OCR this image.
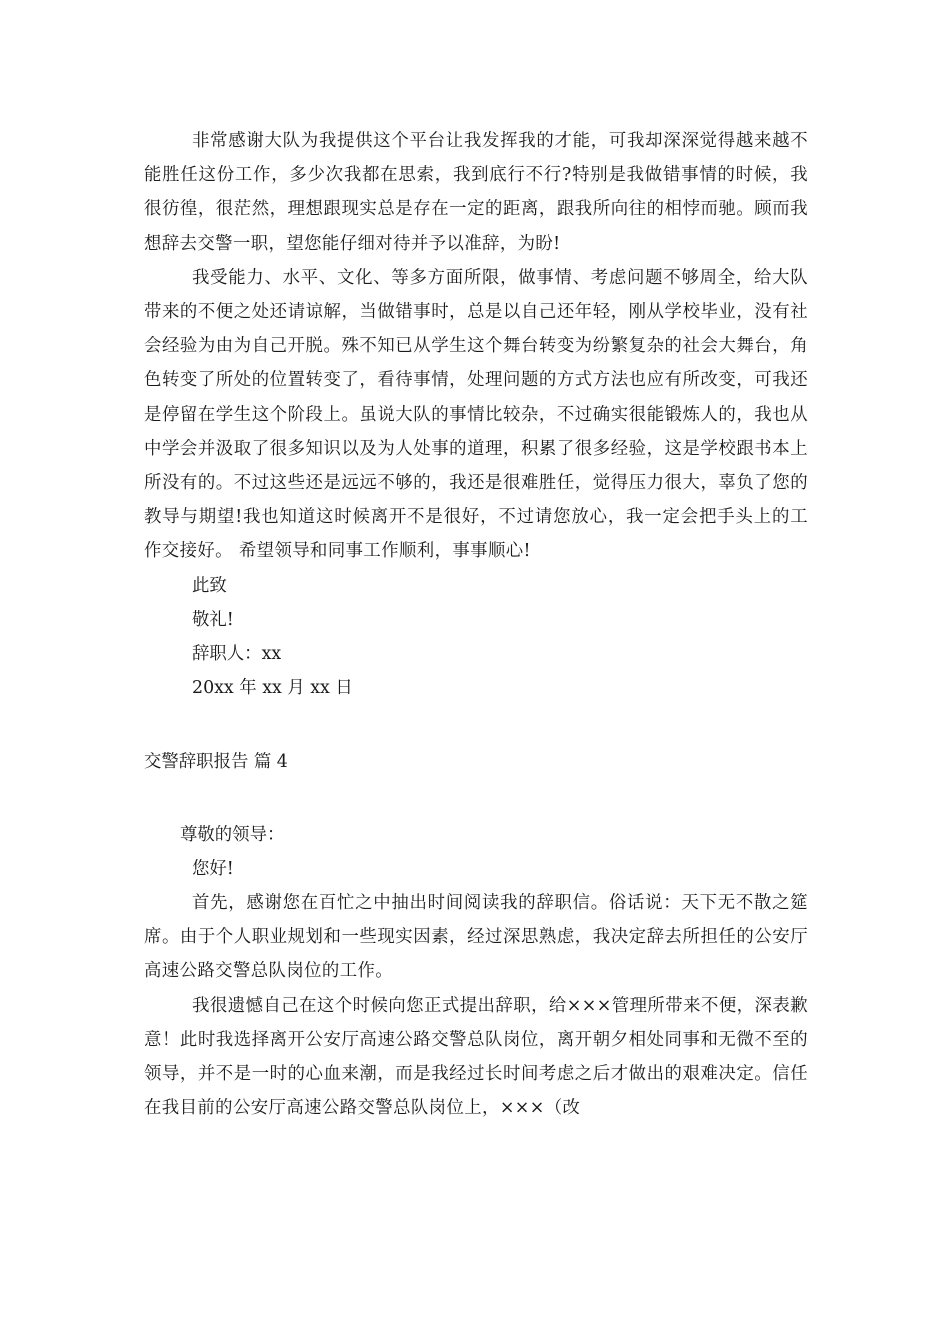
非常感谢大队为我提供这个平台让我发挥我的才能，可我却深深觉得越来越不能胜任这份工作，多少次我都在思索，我到底行不行?特别是我做错事情的时候，我很彷徨，很茫然，理想跟现实总是存在一定的距离，跟我所向往的相悖而驰。顾而我想辞去交警一职，望您能仔细对待并予以准辞，为盼!

我受能力、水平、文化、等多方面所限，做事情、考虑问题不够周全，给大队带来的不便之处还请谅解，当做错事时，总是以自己还年轻，刚从学校毕业，没有社会经验为由为自己开脱。殊不知已从学生这个舞台转变为纷繁复杂的社会大舞台，角色转变了所处的位置转变了，看待事情，处理问题的方式方法也应有所改变，可我还是停留在学生这个阶段上。虽说大队的事情比较杂，不过确实很能锻炼人的，我也从中学会并汲取了很多知识以及为人处事的道理，积累了很多经验，这是学校跟书本上所没有的。不过这些还是远远不够的，我还是很难胜任，觉得压力很大，辜负了您的教导与期望!我也知道这时候离开不是很好，不过请您放心，我一定会把手头上的工作交接好。 希望领导和同事工作顺利，事事顺心!

此致

敬礼!

辞职人：xx

20xx 年 xx 月 xx 日

交警辞职报告 篇 4

尊敬的领导：

您好!

首先，感谢您在百忙之中抽出时间阅读我的辞职信。俗话说：天下无不散之筵席。由于个人职业规划和一些现实因素，经过深思熟虑，我决定辞去所担任的公安厅高速公路交警总队岗位的工作。

我很遗憾自己在这个时候向您正式提出辞职，给×××管理所带来不便，深表歉意！此时我选择离开公安厅高速公路交警总队岗位，离开朝夕相处同事和无微不至的领导，并不是一时的心血来潮，而是我经过长时间考虑之后才做出的艰难决定。信任在我目前的公安厅高速公路交警总队岗位上，×××（改
